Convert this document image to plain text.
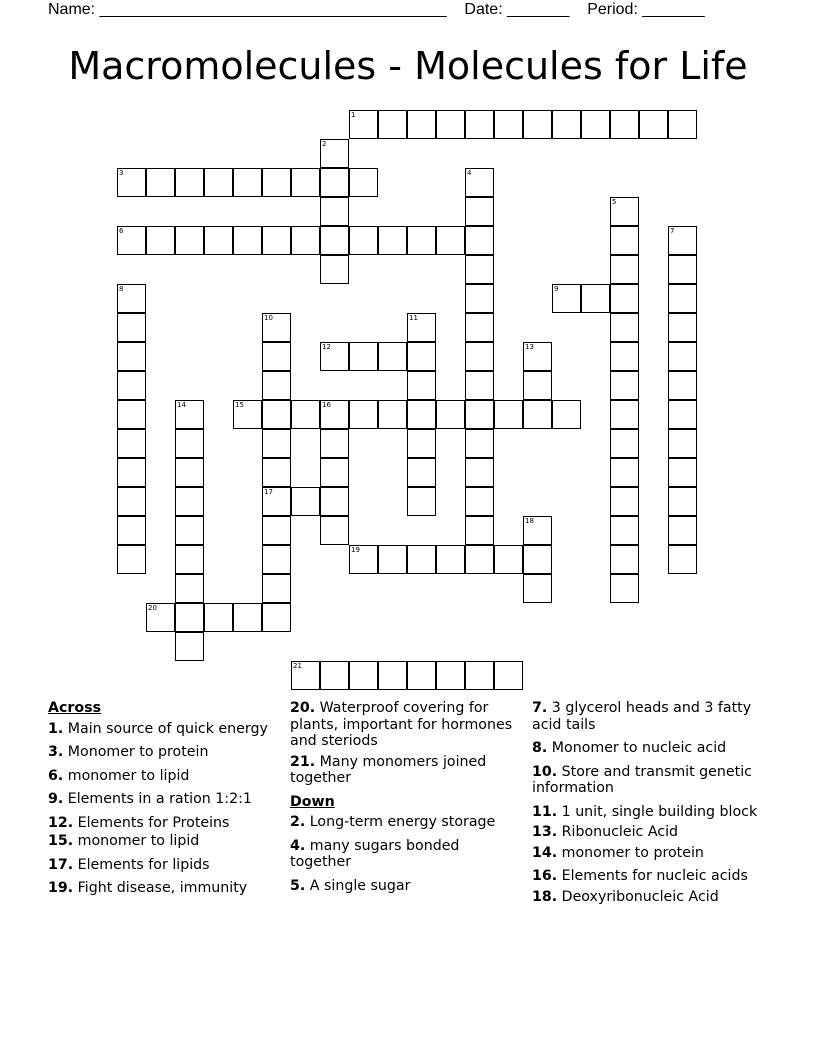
Name: _______________________________________ Date: _______ Period: _______
Macromolecules - Molecules for Life
1
3
6
9
12
15	16
17
19
20
21
2
4
5
7
8
10	11
13
14
18
Across
1. Main source of quick energy
3. Monomer to protein
6. monomer to lipid
9. Elements in a ration 1:2:1
12. Elements for Proteins
15. monomer to lipid
17. Elements for lipids
19. Fight disease, immunity
20. Waterproof covering for plants, important for hormones and steriods
21. Many monomers joined together
Down
2. Long-term energy storage
4. many sugars bonded together
5. A single sugar
7. 3 glycerol heads and 3 fatty acid tails
8. Monomer to nucleic acid
10. Store and transmit genetic information
11. 1 unit, single building block
13. Ribonucleic Acid
14. monomer to protein
16. Elements for nucleic acids
18. Deoxyribonucleic Acid
